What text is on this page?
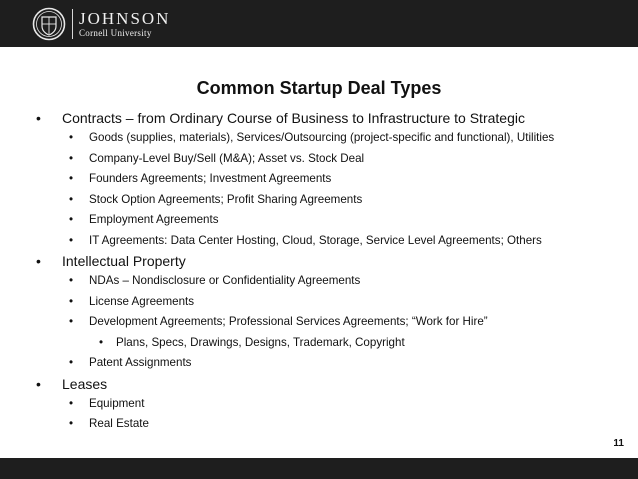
JOHNSON
Cornell University
Common Startup Deal Types
• Contracts – from Ordinary Course of Business to Infrastructure to Strategic
• Goods (supplies, materials), Services/Outsourcing (project-specific and functional), Utilities
• Company-Level Buy/Sell (M&A); Asset vs. Stock Deal
• Founders Agreements; Investment Agreements
• Stock Option Agreements; Profit Sharing Agreements
• Employment Agreements
• IT Agreements: Data Center Hosting, Cloud, Storage, Service Level Agreements; Others
• Intellectual Property
• NDAs – Nondisclosure or Confidentiality Agreements
• License Agreements
• Development Agreements; Professional Services Agreements; “Work for Hire”
• Plans, Specs, Drawings, Designs, Trademark, Copyright
• Patent Assignments
• Leases
• Equipment
• Real Estate
11
